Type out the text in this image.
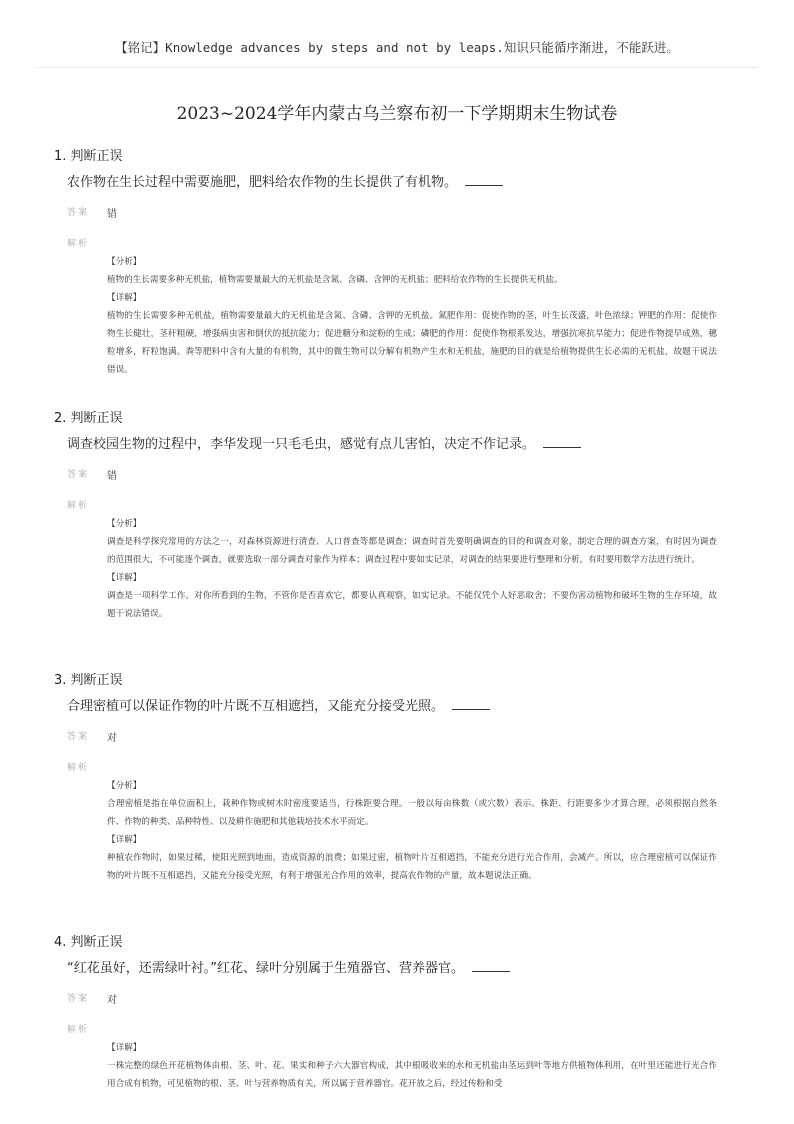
【铭记】Knowledge advances by steps and not by leaps.知识只能循序渐进，不能跃进。
2023~2024学年内蒙古乌兰察布初一下学期期末生物试卷
1. 判断正误
农作物在生长过程中需要施肥，肥料给农作物的生长提供了有机物。
答案	错
解析
【分析】

植物的生长需要多种无机盐，植物需要量最大的无机盐是含氮、含磷、含钾的无机盐；肥料给农作物的生长提供无机盐。

【详解】

植物的生长需要多种无机盐，植物需要量最大的无机盐是含氮、含磷、含钾的无机盐。氮肥作用：促使作物的茎，叶生长茂盛，叶色浓绿；钾肥的作用：促使作物生长健壮，茎秆粗硬，增强病虫害和倒伏的抵抗能力；促进糖分和淀粉的生成；磷肥的作用：促使作物根系发达，增强抗寒抗旱能力；促进作物提早成熟，穗粒增多，籽粒饱满。粪等肥料中含有大量的有机物，其中的微生物可以分解有机物产生水和无机盐，施肥的目的就是给植物提供生长必需的无机盐，故题干说法错误。

2. 判断正误
调查校园生物的过程中，李华发现一只毛毛虫，感觉有点儿害怕，决定不作记录。
答案	错
解析
【分析】

调查是科学探究常用的方法之一，对森林资源进行清查、人口普查等都是调查；调查时首先要明确调查的目的和调查对象，制定合理的调查方案，有时因为调查的范围很大，不可能逐个调查，就要选取一部分调查对象作为样本；调查过程中要如实记录，对调查的结果要进行整理和分析，有时要用数学方法进行统计。

【详解】

调查是一项科学工作。对你所看到的生物，不管你是否喜欢它，都要认真观察，如实记录。不能仅凭个人好恶取舍；不要伤害动植物和破坏生物的生存环境，故题干说法错误。

3. 判断正误
合理密植可以保证作物的叶片既不互相遮挡，又能充分接受光照。
答案	对
解析
【分析】

合理密植是指在单位面积上，栽种作物或树木时密度要适当，行株距要合理。一般以每亩株数（或穴数）表示。株距、行距要多少才算合理，必须根据自然条件、作物的种类、品种特性、以及耕作施肥和其他栽培技术水平而定。

【详解】

种植农作物时，如果过稀，使阳光照到地面，造成资源的浪费；如果过密，植物叶片互相遮挡，不能充分进行光合作用，会减产。所以，应合理密植可以保证作物的叶片既不互相遮挡，又能充分接受光照，有利于增强光合作用的效率，提高农作物的产量，故本题说法正确。

4. 判断正误
“红花虽好，还需绿叶衬。”红花、绿叶分别属于生殖器官、营养器官。
答案	对
解析
【详解】

一株完整的绿色开花植物体由根、茎、叶、花、果实和种子六大器官构成，其中根吸收来的水和无机盐由茎运到叶等地方供植物体利用，在叶里还能进行光合作用合成有机物，可见植物的根、茎、叶与营养物质有关，所以属于营养器官。花开放之后，经过传粉和受
